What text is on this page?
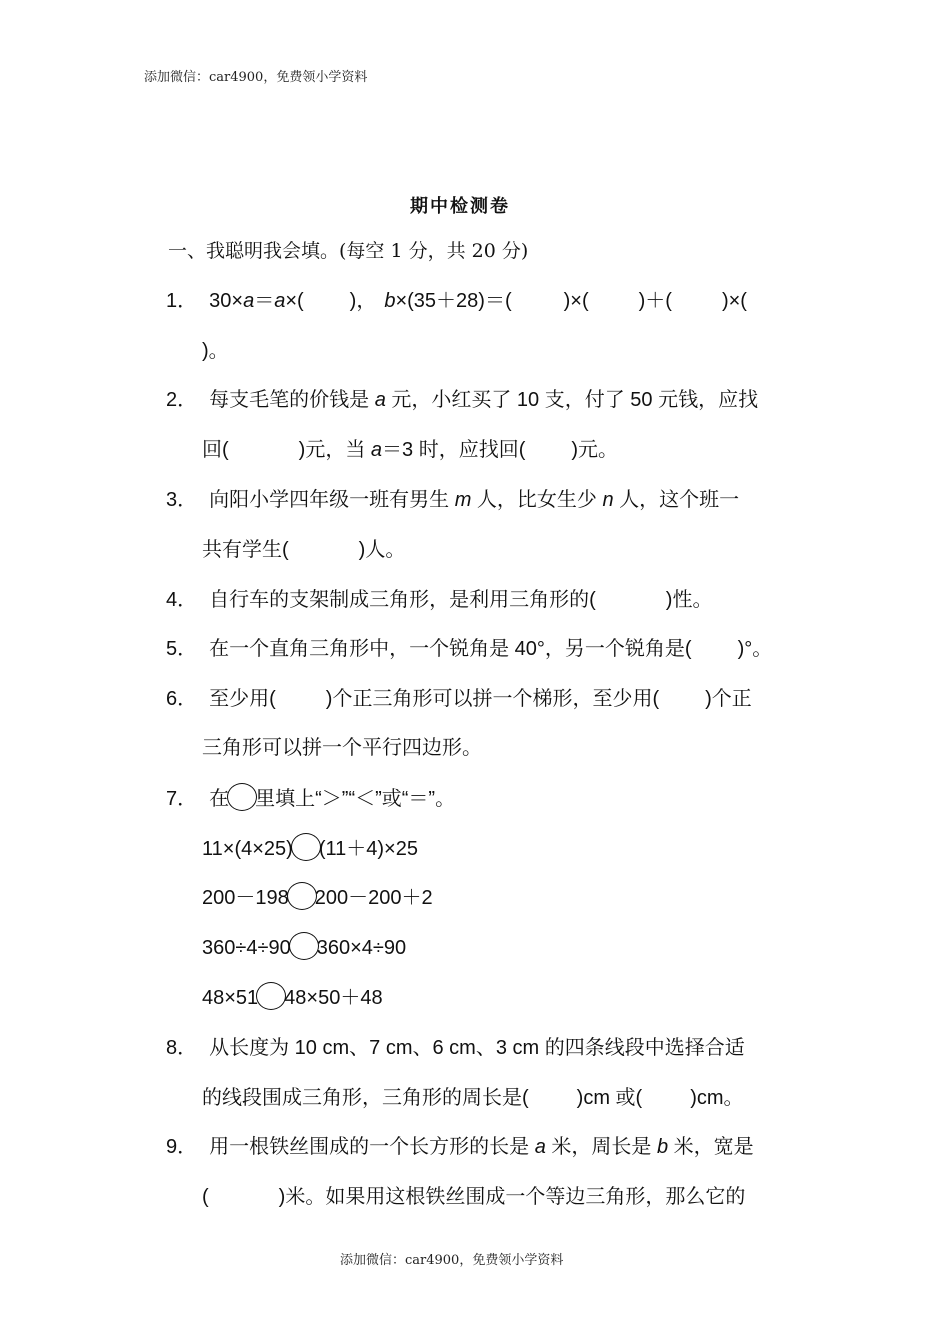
添加微信：car4900，免费领小学资料
期中检测卷
一、我聪明我会填。(每空 1 分，共 20 分)
1． 30×a＝a×( )， b×(35＋28)＝(	)×(	)＋(	)×(
)。
2． 每支毛笔的价钱是 a 元，小红买了 10 支，付了 50 元钱，应找
回(	)元，当 a＝3 时，应找回( )元。
3． 向阳小学四年级一班有男生 m 人，比女生少 n 人，这个班一
共有学生(	)人。
4． 自行车的支架制成三角形，是利用三角形的(	)性。
5． 在一个直角三角形中，一个锐角是 40°，另一个锐角是( )°。
6． 至少用(	)个正三角形可以拼一个梯形，至少用( )个正
三角形可以拼一个平行四边形。
7． 在 里填上“＞”“＜”或“＝”。
11×(4×25) (11＋4)×25
200－198 200－200＋2
360÷4÷90 360×4÷90
48×51 48×50＋48
8． 从长度为 10 cm、7 cm、6 cm、3 cm 的四条线段中选择合适
的线段围成三角形，三角形的周长是( )cm 或( )cm。
9． 用一根铁丝围成的一个长方形的长是 a 米，周长是 b 米，宽是
(	)米。如果用这根铁丝围成一个等边三角形，那么它的
添加微信：car4900，免费领小学资料
